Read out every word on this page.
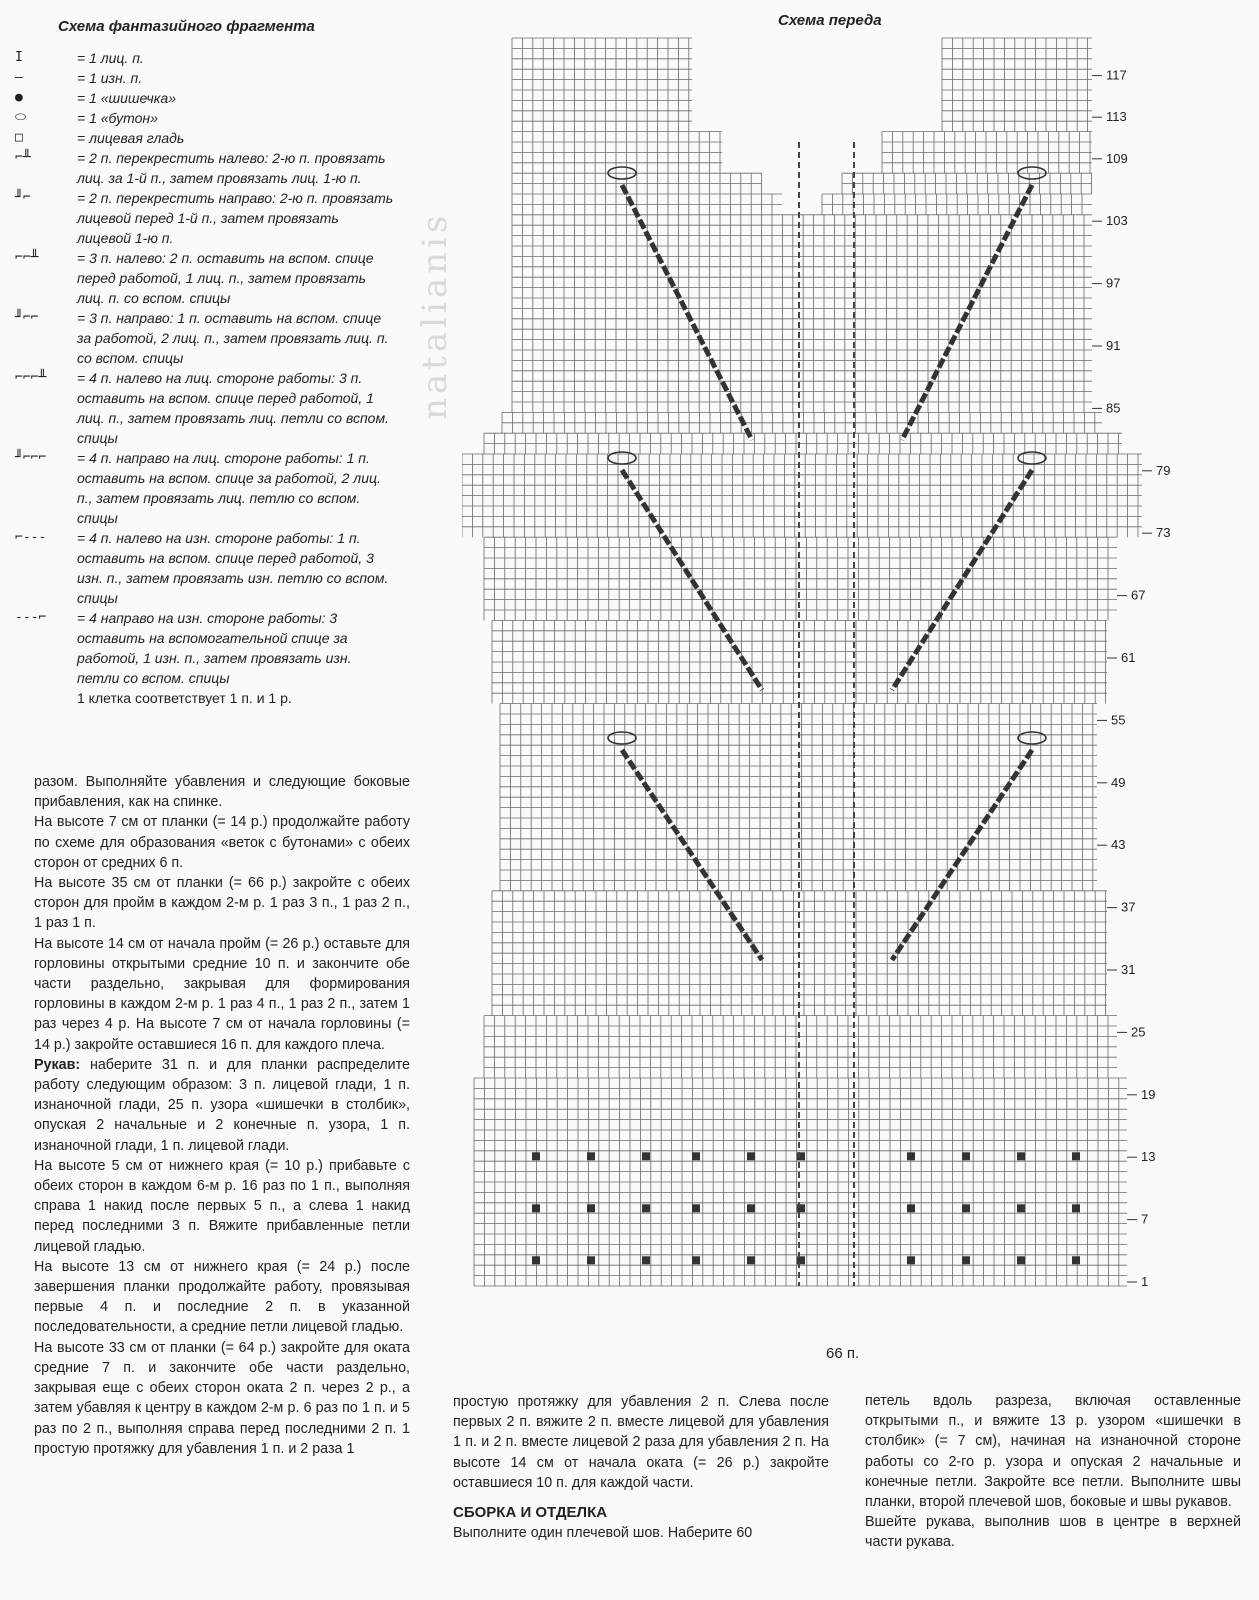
Схема фантазийного фрагмента
I	= 1 лиц. п.
–	= 1 изн. п.
●	= 1 «шишечка»
⬭	= 1 «бутон»
□	= лицевая гладь
⌐╨	= 2 п. перекрестить налево: 2-ю п. провязать лиц. за 1-й п., затем провязать лиц. 1-ю п.
╜⌐	= 2 п. перекрестить направо: 2-ю п. провязать лицевой перед 1-й п., затем провязать лицевой 1-ю п.
⌐⌐╨	= 3 п. налево: 2 п. оставить на вспом. спице перед работой, 1 лиц. п., затем провязать лиц. п. со вспом. спицы
╜⌐⌐	= 3 п. направо: 1 п. оставить на вспом. спице за работой, 2 лиц. п., затем провязать лиц. п. со вспом. спицы
⌐⌐⌐╨	= 4 п. налево на лиц. стороне работы: 3 п. оставить на вспом. спице перед работой, 1 лиц. п., затем провязать лиц. петли со вспом. спицы
╜⌐⌐⌐	= 4 п. направо на лиц. стороне работы: 1 п. оставить на вспом. спице за работой, 2 лиц. п., затем провязать лиц. петлю со вспом. спицы
⌐---	= 4 п. налево на изн. стороне работы: 1 п. оставить на вспом. спице перед работой, 3 изн. п., затем провязать изн. петлю со вспом. спицы
---⌐	= 4 направо на изн. стороне работы: 3 оставить на вспомогательной спице за работой, 1 изн. п., затем провязать изн. петли со вспом. спицы
1 клетка соответствует 1 п. и 1 р.
natalianis
Схема переда
117
113
109
103
97
91
85
79
73
67
61
55
49
43
37
31
25
19
13
7
1
66 п.

разом. Выполняйте убавления и следующие боковые прибавления, как на спинке.

На высоте 7 см от планки (= 14 р.) продолжайте работу по схеме для образования «веток с бутонами» с обеих сторон от средних 6 п.

На высоте 35 см от планки (= 66 р.) закройте с обеих сторон для пройм в каждом 2-м р. 1 раз 3 п., 1 раз 2 п., 1 раз 1 п.

На высоте 14 см от начала пройм (= 26 р.) оставьте для горловины открытыми средние 10 п. и закончите обе части раздельно, закрывая для формирования горловины в каждом 2-м р. 1 раз 4 п., 1 раз 2 п., затем 1 раз через 4 р. На высоте 7 см от начала горловины (= 14 р.) закройте оставшиеся 16 п. для каждого плеча.

Рукав: наберите 31 п. и для планки распределите работу следующим образом: 3 п. лицевой глади, 1 п. изнаночной глади, 25 п. узора «шишечки в столбик», опуская 2 начальные и 2 конечные п. узора, 1 п. изнаночной глади, 1 п. лицевой глади.

На высоте 5 см от нижнего края (= 10 р.) прибавьте с обеих сторон в каждом 6-м р. 16 раз по 1 п., выполняя справа 1 накид после первых 5 п., а слева 1 накид перед последними 3 п. Вяжите прибавленные петли лицевой гладью.

На высоте 13 см от нижнего края (= 24 р.) после завершения планки продолжайте работу, провязывая первые 4 п. и последние 2 п. в указанной последовательности, а средние петли лицевой гладью.

На высоте 33 см от планки (= 64 р.) закройте для оката средние 7 п. и закончите обе части раздельно, закрывая еще с обеих сторон оката 2 п. через 2 р., а затем убавляя к центру в каждом 2-м р. 6 раз по 1 п. и 5 раз по 2 п., выполняя справа перед последними 2 п. 1 простую протяжку для убавления 1 п. и 2 раза 1

простую протяжку для убавления 2 п. Слева после первых 2 п. вяжите 2 п. вместе лицевой для убавления 1 п. и 2 п. вместе лицевой 2 раза для убавления 2 п. На высоте 14 см от начала оката (= 26 р.) закройте оставшиеся 10 п. для каждой части.

СБОРКА И ОТДЕЛКА

Выполните один плечевой шов. Наберите 60

петель вдоль разреза, включая оставленные открытыми п., и вяжите 13 р. узором «шишечки в столбик» (= 7 см), начиная на изнаночной стороне работы со 2-го р. узора и опуская 2 начальные и конечные петли. Закройте все петли. Выполните швы планки, второй плечевой шов, боковые и швы рукавов.

Вшейте рукава, выполнив шов в центре в верхней части рукава.
